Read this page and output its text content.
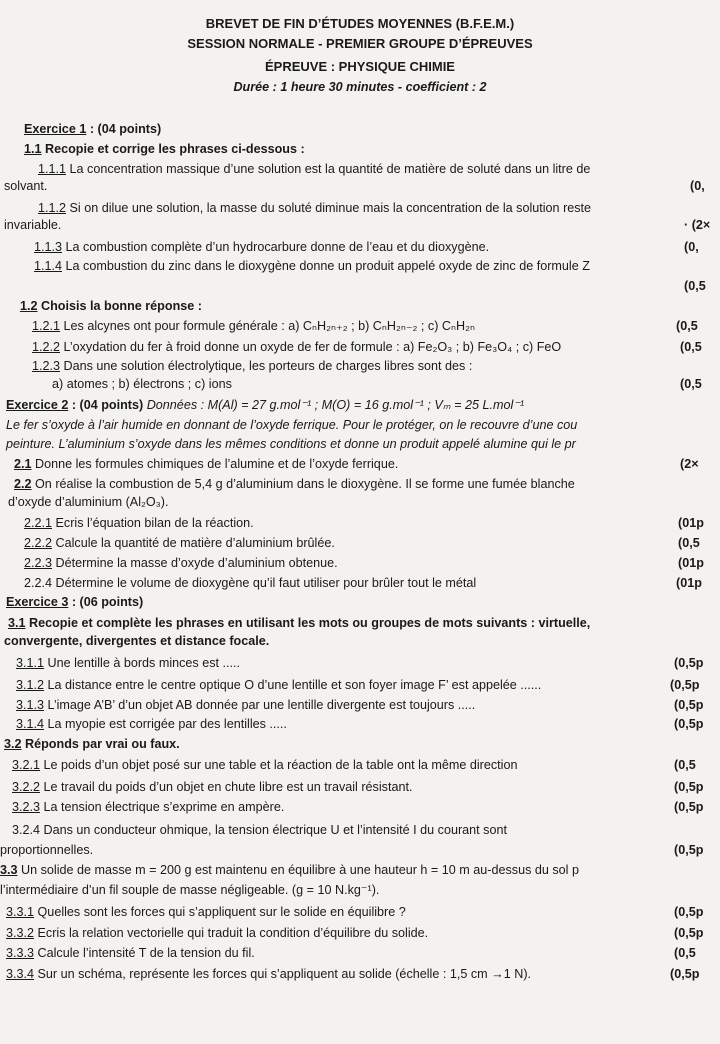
BREVET DE FIN D’ÉTUDES MOYENNES (B.F.E.M.)
SESSION NORMALE - PREMIER GROUPE D’ÉPREUVES
ÉPREUVE : PHYSIQUE CHIMIE
Durée : 1 heure 30 minutes - coefficient : 2
Exercice 1 : (04 points)
1.1 Recopie et corrige les phrases ci-dessous :
1.1.1 La concentration massique d’une solution est la quantité de matière de soluté dans un litre de
solvant.	(0,
1.1.2 Si on dilue une solution, la masse du soluté diminue mais la concentration de la solution reste
invariable.	· (2×
1.1.3 La combustion complète d’un hydrocarbure donne de l’eau et du dioxygène.	(0,
1.1.4 La combustion du zinc dans le dioxygène donne un produit appelé oxyde de zinc de formule Z
(0,5
1.2 Choisis la bonne réponse :
1.2.1 Les alcynes ont pour formule générale : a) CₙH₂ₙ₊₂ ; b) CₙH₂ₙ₋₂ ; c) CₙH₂ₙ	(0,5
1.2.2 L’oxydation du fer à froid donne un oxyde de fer de formule : a) Fe₂O₃ ; b) Fe₃O₄ ; c) FeO	(0,5
1.2.3 Dans une solution électrolytique, les porteurs de charges libres sont des :
a) atomes ; b) électrons ; c) ions	(0,5
Exercice 2 : (04 points) Données : M(Al) = 27 g.mol⁻¹ ; M(O) = 16 g.mol⁻¹ ; Vₘ = 25 L.mol⁻¹
Le fer s’oxyde à l’air humide en donnant de l’oxyde ferrique. Pour le protéger, on le recouvre d’une cou
peinture. L’aluminium s’oxyde dans les mêmes conditions et donne un produit appelé alumine qui le pr
2.1 Donne les formules chimiques de l’alumine et de l’oxyde ferrique.	(2×
2.2 On réalise la combustion de 5,4 g d’aluminium dans le dioxygène. Il se forme une fumée blanche
d’oxyde d’aluminium (Al₂O₃).
2.2.1 Ecris l’équation bilan de la réaction.	(01p
2.2.2 Calcule la quantité de matière d’aluminium brûlée.	(0,5
2.2.3 Détermine la masse d’oxyde d’aluminium obtenue.	(01p
2.2.4 Détermine le volume de dioxygène qu’il faut utiliser pour brûler tout le métal	(01p
Exercice 3 : (06 points)
3.1 Recopie et complète les phrases en utilisant les mots ou groupes de mots suivants : virtuelle,
convergente, divergentes et distance focale.
3.1.1 Une lentille à bords minces est .....	(0,5p
3.1.2 La distance entre le centre optique O d’une lentille et son foyer image F’ est appelée ......	(0,5p
3.1.3 L’image A’B’ d’un objet AB donnée par une lentille divergente est toujours .....	(0,5p
3.1.4 La myopie est corrigée par des lentilles .....	(0,5p
3.2 Réponds par vrai ou faux.
3.2.1 Le poids d’un objet posé sur une table et la réaction de la table ont la même direction	(0,5
3.2.2 Le travail du poids d’un objet en chute libre est un travail résistant.	(0,5p
3.2.3 La tension électrique s’exprime en ampère.	(0,5p
3.2.4 Dans un conducteur ohmique, la tension électrique U et l’intensité I du courant sont
proportionnelles.	(0,5p
3.3 Un solide de masse m = 200 g est maintenu en équilibre à une hauteur h = 10 m au-dessus du sol p
l’intermédiaire d’un fil souple de masse négligeable. (g = 10 N.kg⁻¹).
3.3.1 Quelles sont les forces qui s’appliquent sur le solide en équilibre ?	(0,5p
3.3.2 Ecris la relation vectorielle qui traduit la condition d’équilibre du solide.	(0,5p
3.3.3 Calcule l’intensité T de la tension du fil.	(0,5
3.3.4 Sur un schéma, représente les forces qui s’appliquent au solide (échelle : 1,5 cm →1 N).	(0,5p
